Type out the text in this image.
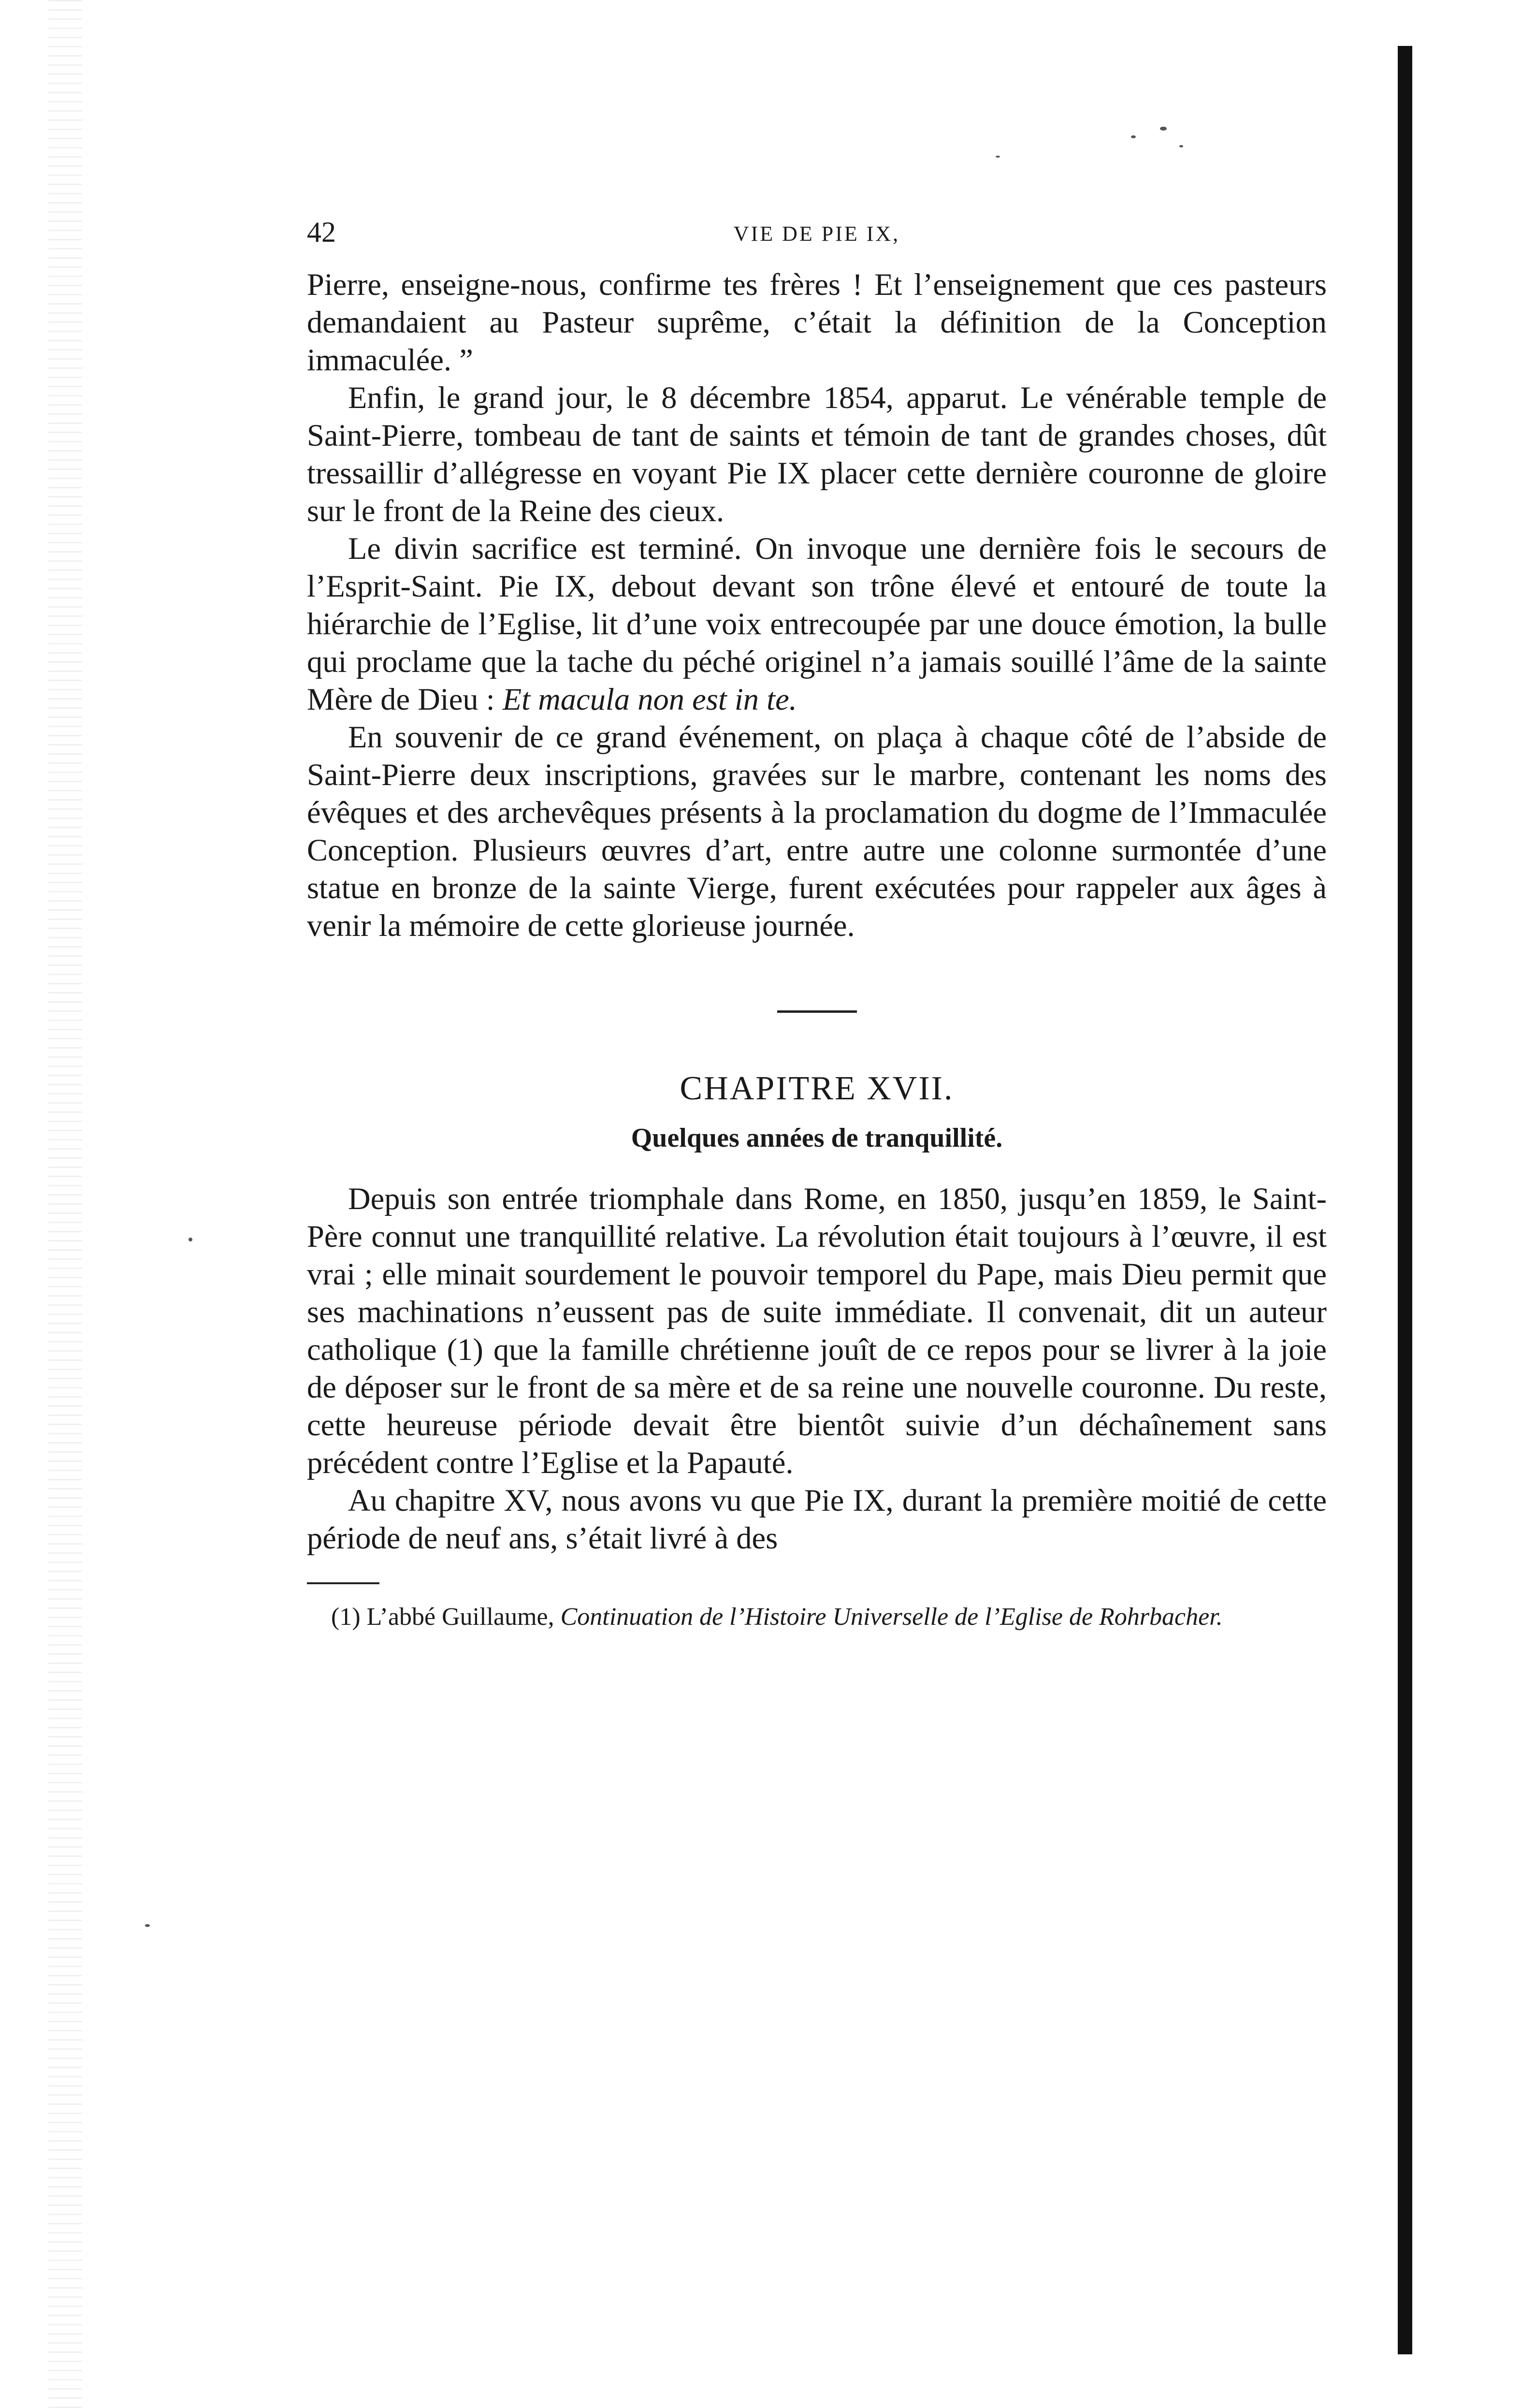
42	VIE DE PIE IX,

Pierre, enseigne-nous, confirme tes frères ! Et l’enseignement que ces pasteurs demandaient au Pasteur suprême, c’était la définition de la Conception immaculée. ”

Enfin, le grand jour, le 8 décembre 1854, apparut. Le vénérable temple de Saint-Pierre, tombeau de tant de saints et témoin de tant de grandes choses, dût tressaillir d’allégresse en voyant Pie IX placer cette dernière couronne de gloire sur le front de la Reine des cieux.

Le divin sacrifice est terminé. On invoque une dernière fois le secours de l’Esprit-Saint. Pie IX, debout devant son trône élevé et entouré de toute la hiérarchie de l’Eglise, lit d’une voix entrecoupée par une douce émotion, la bulle qui proclame que la tache du péché originel n’a jamais souillé l’âme de la sainte Mère de Dieu : Et macula non est in te.

En souvenir de ce grand événement, on plaça à chaque côté de l’abside de Saint-Pierre deux inscriptions, gravées sur le marbre, contenant les noms des évêques et des archevêques présents à la proclamation du dogme de l’Immaculée Conception. Plusieurs œuvres d’art, entre autre une colonne surmontée d’une statue en bronze de la sainte Vierge, furent exécutées pour rappeler aux âges à venir la mémoire de cette glorieuse journée.

CHAPITRE XVII.
Quelques années de tranquillité.

Depuis son entrée triomphale dans Rome, en 1850, jusqu’en 1859, le Saint-Père connut une tranquillité relative. La révolution était toujours à l’œuvre, il est vrai ; elle minait sourdement le pouvoir temporel du Pape, mais Dieu permit que ses machinations n’eussent pas de suite immédiate. Il convenait, dit un auteur catholique (1) que la famille chrétienne jouît de ce repos pour se livrer à la joie de déposer sur le front de sa mère et de sa reine une nouvelle couronne. Du reste, cette heureuse période devait être bientôt suivie d’un déchaînement sans précédent contre l’Eglise et la Papauté.

Au chapitre XV, nous avons vu que Pie IX, durant la première moitié de cette période de neuf ans, s’était livré à des

(1) L’abbé Guillaume, Continuation de l’Histoire Universelle de l’Eglise de Rohrbacher.
